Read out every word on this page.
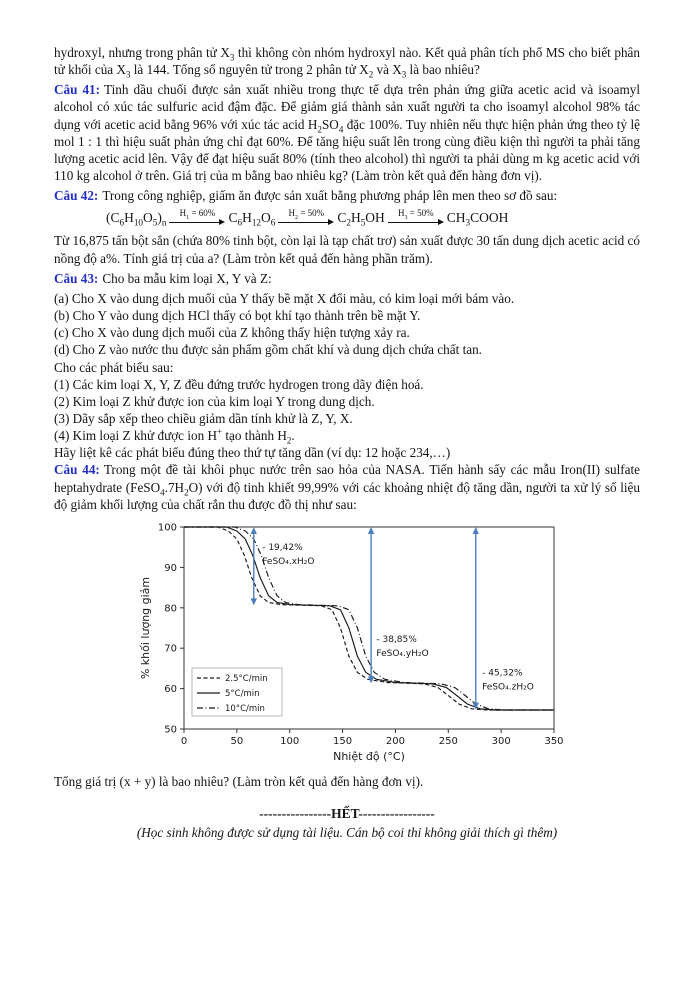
hydroxyl, nhưng trong phân tử $X_3$ thì không còn nhóm hydroxyl nào. Kết quả phân tích phổ MS cho biết phân tử khối của $X_3$ là 144. Tổng số nguyên tử trong 2 phân tử $X_2$ và $X_3$ là bao nhiêu?

Câu 41: Tinh dầu chuối được sản xuất nhiều trong thực tế dựa trên phản ứng giữa acetic acid và isoamyl alcohol có xúc tác sulfuric acid đậm đặc. Để giảm giá thành sản xuất người ta cho isoamyl alcohol 98% tác dụng với acetic acid bằng 96% với xúc tác acid $H_2SO_4$ đặc 100%. Tuy nhiên nếu thực hiện phản ứng theo tỷ lệ mol 1 : 1 thì hiệu suất phản ứng chỉ đạt 60%. Để tăng hiệu suất lên trong cùng điều kiện thì người ta phải tăng lượng acetic acid lên. Vậy để đạt hiệu suất 80% (tính theo alcohol) thì người ta phải dùng m kg acetic acid với 110 kg alcohol ở trên. Giá trị của m bằng bao nhiêu kg? (Làm tròn kết quả đến hàng đơn vị).

Câu 42: Trong công nghiệp, giấm ăn được sản xuất bằng phương pháp lên men theo sơ đồ sau:

$(C_6H_{10}O_5)_n$
$H_1 = 60\%$ $C_6H_{12}O_6$
$H_2 = 50\%$ $C_2H_5OH$ $H_3 = 50\%$ $CH_3COOH$

Từ 16,875 tấn bột sắn (chứa 80% tinh bột, còn lại là tạp chất trơ) sản xuất được 30 tấn dung dịch acetic acid có nồng độ a%. Tính giá trị của a? (Làm tròn kết quả đến hàng phần trăm).

Câu 43: Cho ba mẫu kim loại X, Y và Z:

(a) Cho X vào dung dịch muối của Y thấy bề mặt X đổi màu, có kim loại mới bám vào.
(b) Cho Y vào dung dịch HCl thấy có bọt khí tạo thành trên bề mặt Y.
(c) Cho X vào dung dịch muối của Z không thấy hiện tượng xảy ra.
(d) Cho Z vào nước thu được sản phẩm gồm chất khí và dung dịch chứa chất tan.
Cho các phát biểu sau:
(1) Các kim loại X, Y, Z đều đứng trước hydrogen trong dãy điện hoá.
(2) Kim loại Z khử được ion của kim loại Y trong dung dịch.
(3) Dãy sắp xếp theo chiều giảm dần tính khử là Z, Y, X.
(4) Kim loại Z khử được ion H+ tạo thành $H_2$.
Hãy liệt kê các phát biểu đúng theo thứ tự tăng dần (ví dụ: 12 hoặc 234,…)

Câu 44: Trong một đề tài khôi phục nước trên sao hỏa của NASA. Tiến hành sấy các mẫu Iron(II) sulfate heptahydrate $(FeSO_4.7H_2O)$ với độ tinh khiết 99,99% với các khoảng nhiệt độ tăng dần, người ta xử lý số liệu độ giảm khối lượng của chất rắn thu được đồ thị như sau:

0	50	100	150	200	250	300	350
50
60
70
80
90
100
Nhiệt độ (°C)
% khối lượng giảm
- 19,42%
FeSO₄.xH₂O
- 38,85%
FeSO₄.yH₂O
- 45,32%
FeSO₄.zH₂O
2.5°C/min
5°C/min
10°C/min

Tổng giá trị (x + y) là bao nhiêu? (Làm tròn kết quả đến hàng đơn vị).

----------------HẾT-----------------

(Học sinh không được sử dụng tài liệu. Cán bộ coi thi không giải thích gì thêm)
